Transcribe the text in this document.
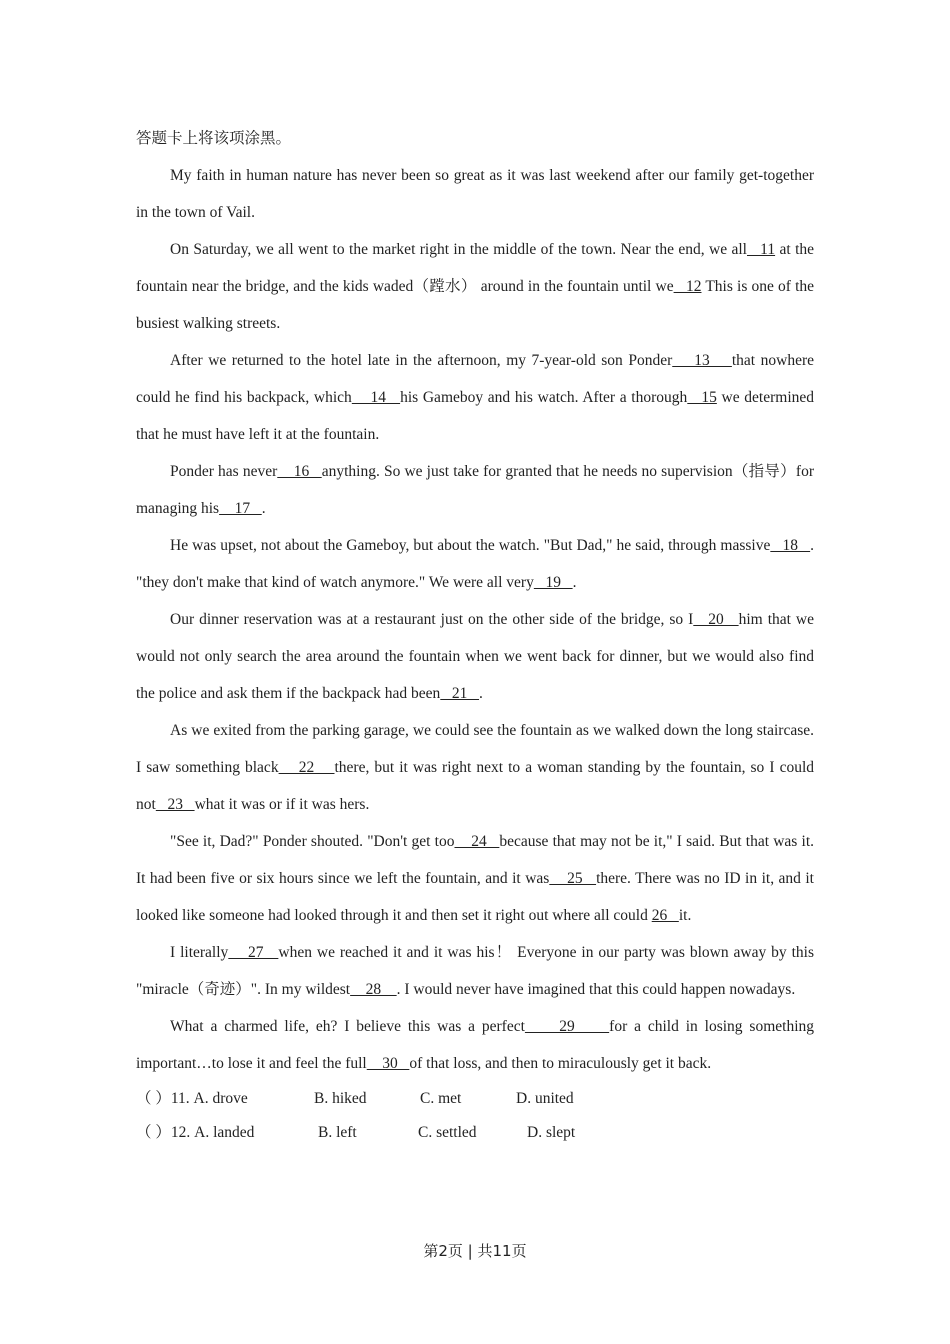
答题卡上将该项涂黑。

My faith in human nature has never been so great as it was last weekend after our family get-together in the town of Vail.

On Saturday, we all went to the market right in the middle of the town. Near the end, we all   11 at the fountain near the bridge, and the kids waded（蹚水） around in the fountain until we   12 This is one of the busiest walking streets.

After we returned to the hotel late in the afternoon, my 7-year-old son Ponder    13    that nowhere could he find his backpack, which    14   his Gameboy and his watch. After a thorough   15 we determined that he must have left it at the fountain.

Ponder has never    16   anything. So we just take for granted that he needs no supervision（指导）for managing his    17   .

He was upset, not about the Gameboy, but about the watch. "But Dad," he said, through massive   18   . "they don't make that kind of watch anymore." We were all very   19   .

Our dinner reservation was at a restaurant just on the other side of the bridge, so I   20   him that we would not only search the area around the fountain when we went back for dinner, but we would also find the police and ask them if the backpack had been   21   .

As we exited from the parking garage, we could see the fountain as we walked down the long staircase. I saw something black    22    there, but it was right next to a woman standing by the fountain, so I could not   23   what it was or if it was hers.

"See it, Dad?" Ponder shouted. "Don't get too    24   because that may not be it," I said. But that was it. It had been five or six hours since we left the fountain, and it was    25   there. There was no ID in it, and it looked like someone had looked through it and then set it right out where all could 26   it.

I literally    27   when we reached it and it was his！ Everyone in our party was blown away by this "miracle（奇迹）". In my wildest    28    . I would never have imagined that this could happen nowadays.

What a charmed life, eh? I believe this was a perfect     29     for a child in losing something important…to lose it and feel the full    30   of that loss, and then to miraculously get it back.

（ ）11. A. drove	B. hiked	C. met	D. united
（ ）12. A. landed	B. left	C. settled	D. slept
第2页 | 共11页
